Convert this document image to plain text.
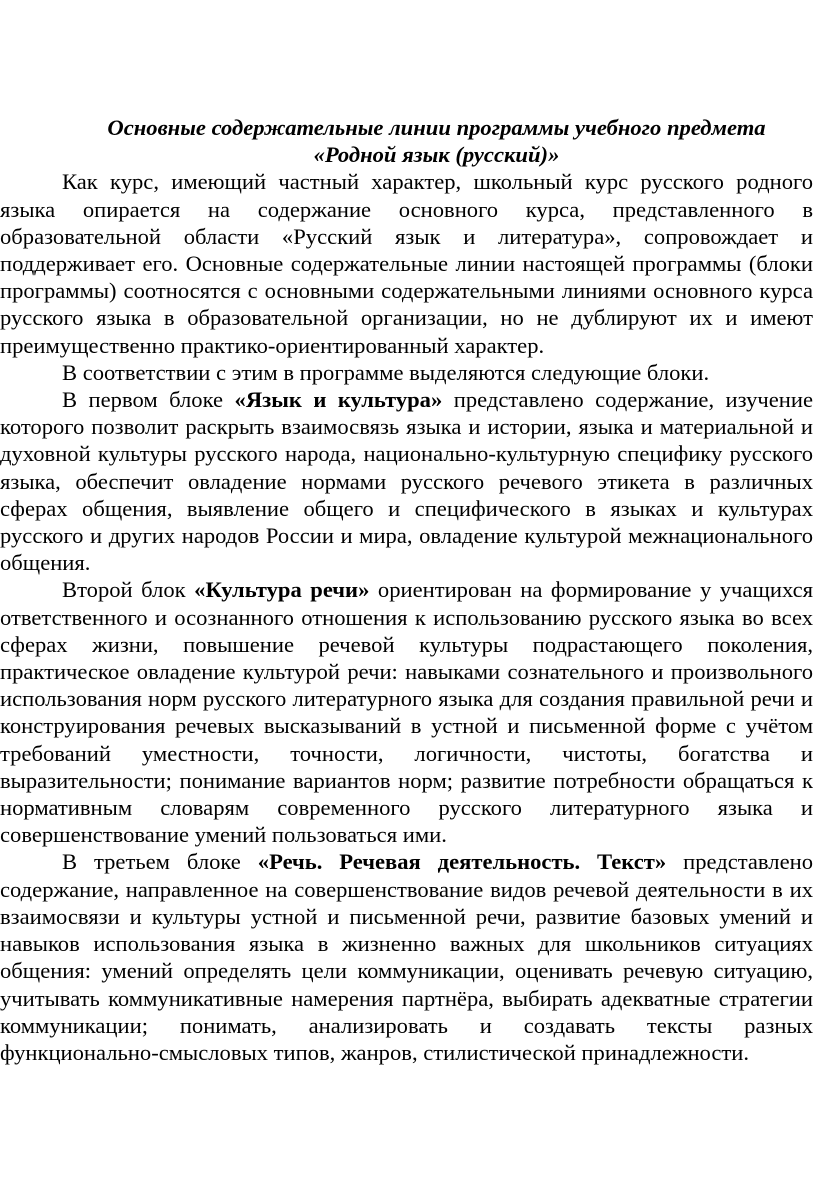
Основные содержательные линии программы учебного предмета
«Родной язык (русский)»

Как курс, имеющий частный характер, школьный курс русского родного языка опирается на содержание основного курса, представленного в образовательной области «Русский язык и литература», сопровождает и поддерживает его. Основные содержательные линии настоящей программы (блоки программы) соотносятся с основными содержательными линиями основного курса русского языка в образовательной организации, но не дублируют их и имеют преимущественно практико-ориентированный характер.

В соответствии с этим в программе выделяются следующие блоки.

В первом блоке «Язык и культура» представлено содержание, изучение которого позволит раскрыть взаимосвязь языка и истории, языка и материальной и духовной культуры русского народа, национально-культурную специфику русского языка, обеспечит овладение нормами русского речевого этикета в различных сферах общения, выявление общего и специфического в языках и культурах русского и других народов России и мира, овладение культурой межнационального общения.

Второй блок «Культура речи» ориентирован на формирование у учащихся ответственного и осознанного отношения к использованию русского языка во всех сферах жизни, повышение речевой культуры подрастающего поколения, практическое овладение культурой речи: навыками сознательного и произвольного использования норм русского литературного языка для создания правильной речи и конструирования речевых высказываний в устной и письменной форме с учётом требований уместности, точности, логичности, чистоты, богатства и выразительности; понимание вариантов норм; развитие потребности обращаться к нормативным словарям современного русского литературного языка и совершенствование умений пользоваться ими.

В третьем блоке «Речь. Речевая деятельность. Текст» представлено содержание, направленное на совершенствование видов речевой деятельности в их взаимосвязи и культуры устной и письменной речи, развитие базовых умений и навыков использования языка в жизненно важных для школьников ситуациях общения: умений определять цели коммуникации, оценивать речевую ситуацию, учитывать коммуникативные намерения партнёра, выбирать адекватные стратегии коммуникации; понимать, анализировать и создавать тексты разных функционально-смысловых типов, жанров, стилистической принадлежности.
